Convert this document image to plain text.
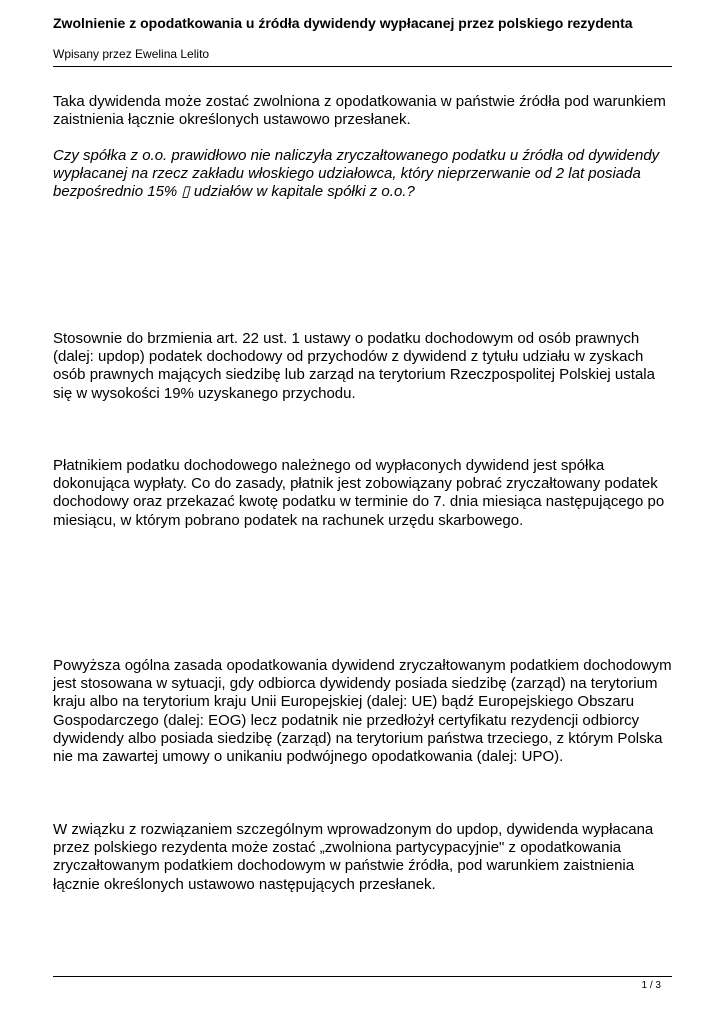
Zwolnienie z opodatkowania u źródła dywidendy wypłacanej przez polskiego rezydenta
Wpisany przez Ewelina Lelito

Taka dywidenda może zostać zwolniona z opodatkowania w państwie źródła pod warunkiem zaistnienia łącznie określonych ustawowo przesłanek.

Czy spółka z o.o. prawidłowo nie naliczyła zryczałtowanego podatku u źródła od dywidendy wypłacanej na rzecz zakładu włoskiego udziałowca, który nieprzerwanie od 2 lat posiada bezpośrednio 15% ▯ udziałów w kapitale spółki z o.o.?

Stosownie do brzmienia art. 22 ust. 1 ustawy o podatku dochodowym od osób prawnych (dalej: updop) podatek dochodowy od przychodów z dywidend z tytułu udziału w zyskach osób prawnych mających siedzibę lub zarząd na terytorium Rzeczpospolitej Polskiej ustala się w wysokości 19% uzyskanego przychodu.

Płatnikiem podatku dochodowego należnego od wypłaconych dywidend jest spółka dokonująca wypłaty. Co do zasady, płatnik jest zobowiązany pobrać zryczałtowany podatek dochodowy oraz przekazać kwotę podatku w terminie do 7. dnia miesiąca następującego po miesiącu, w którym pobrano podatek na rachunek urzędu skarbowego.

Powyższa ogólna zasada opodatkowania dywidend zryczałtowanym podatkiem dochodowym jest stosowana w sytuacji, gdy odbiorca dywidendy posiada siedzibę (zarząd) na terytorium kraju albo na terytorium kraju Unii Europejskiej (dalej: UE) bądź Europejskiego Obszaru Gospodarczego (dalej: EOG) lecz podatnik nie przedłożył certyfikatu rezydencji odbiorcy dywidendy albo posiada siedzibę (zarząd) na terytorium państwa trzeciego, z którym Polska nie ma zawartej umowy o unikaniu podwójnego opodatkowania (dalej: UPO).

W związku z rozwiązaniem szczególnym wprowadzonym do updop, dywidenda wypłacana przez polskiego rezydenta może zostać „zwolniona partycypacyjnie" z opodatkowania zryczałtowanym podatkiem dochodowym w państwie źródła, pod warunkiem zaistnienia łącznie określonych ustawowo następujących przesłanek.

1 / 3
